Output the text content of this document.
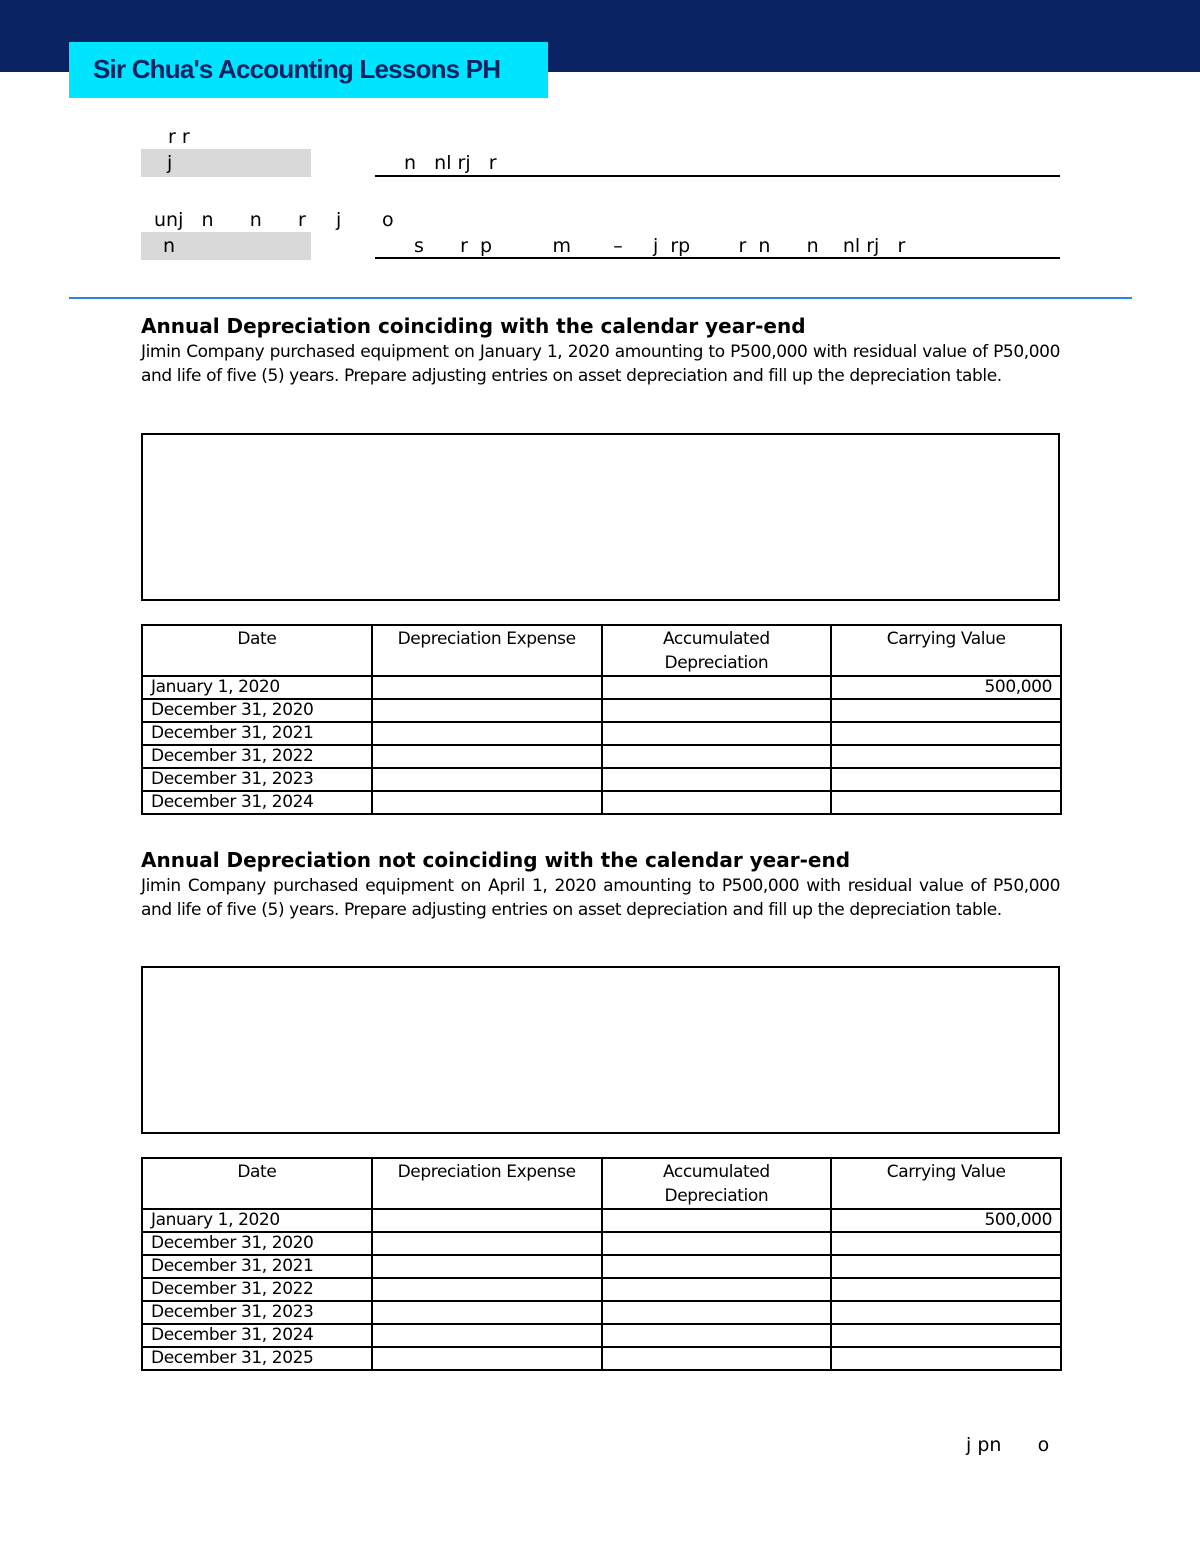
Sir Chua's Accounting Lessons PH
r r
j	n   nl rj   r
unj   n      n      r     j o
n	s      r  p          m       –     j  rp        r  n      n    nl rj   r
Annual Depreciation coinciding with the calendar year-end
Jimin Company purchased equipment on January 1, 2020 amounting to P500,000 with residual value of P50,000 and life of five (5) years. Prepare adjusting entries on asset depreciation and fill up the depreciation table.
Date	Depreciation Expense	Accumulated Depreciation	Carrying Value
January 1, 2020			500,000
December 31, 2020			
December 31, 2021			
December 31, 2022			
December 31, 2023			
December 31, 2024			
Annual Depreciation not coinciding with the calendar year-end
Jimin Company purchased equipment on April 1, 2020 amounting to P500,000 with residual value of P50,000 and life of five (5) years. Prepare adjusting entries on asset depreciation and fill up the depreciation table.
Date	Depreciation Expense	Accumulated Depreciation	Carrying Value
January 1, 2020			500,000
December 31, 2020			
December 31, 2021			
December 31, 2022			
December 31, 2023			
December 31, 2024			
December 31, 2025			
j pn      o
